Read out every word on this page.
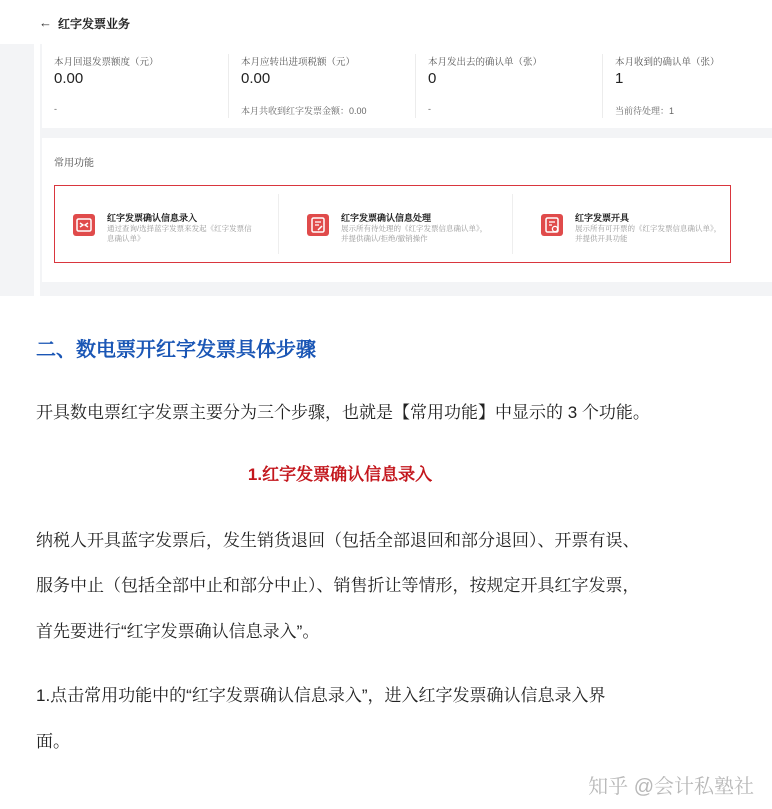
← 红字发票业务
本月回退发票额度（元）
0.00
-
本月应转出进项税额（元）
0.00
本月共收到红字发票金额：0.00
本月发出去的确认单（张）
0
-
本月收到的确认单（张）
1
当前待处理：1
常用功能
红字发票确认信息录入
通过查询/选择蓝字发票来发起《红字发票信息确认单》
红字发票确认信息处理
展示所有待处理的《红字发票信息确认单》，并提供确认/拒绝/撤销操作
红字发票开具
展示所有可开票的《红字发票信息确认单》，并提供开具功能
二、数电票开红字发票具体步骤
开具数电票红字发票主要分为三个步骤，也就是【常用功能】中显示的 3 个功能。
1.红字发票确认信息录入
纳税人开具蓝字发票后，发生销货退回（包括全部退回和部分退回）、开票有误、
服务中止（包括全部中止和部分中止）、销售折让等情形，按规定开具红字发票，
首先要进行“红字发票确认信息录入”。
1.点击常用功能中的“红字发票确认信息录入”，进入红字发票确认信息录入界
面。
知乎 @会计私塾社
